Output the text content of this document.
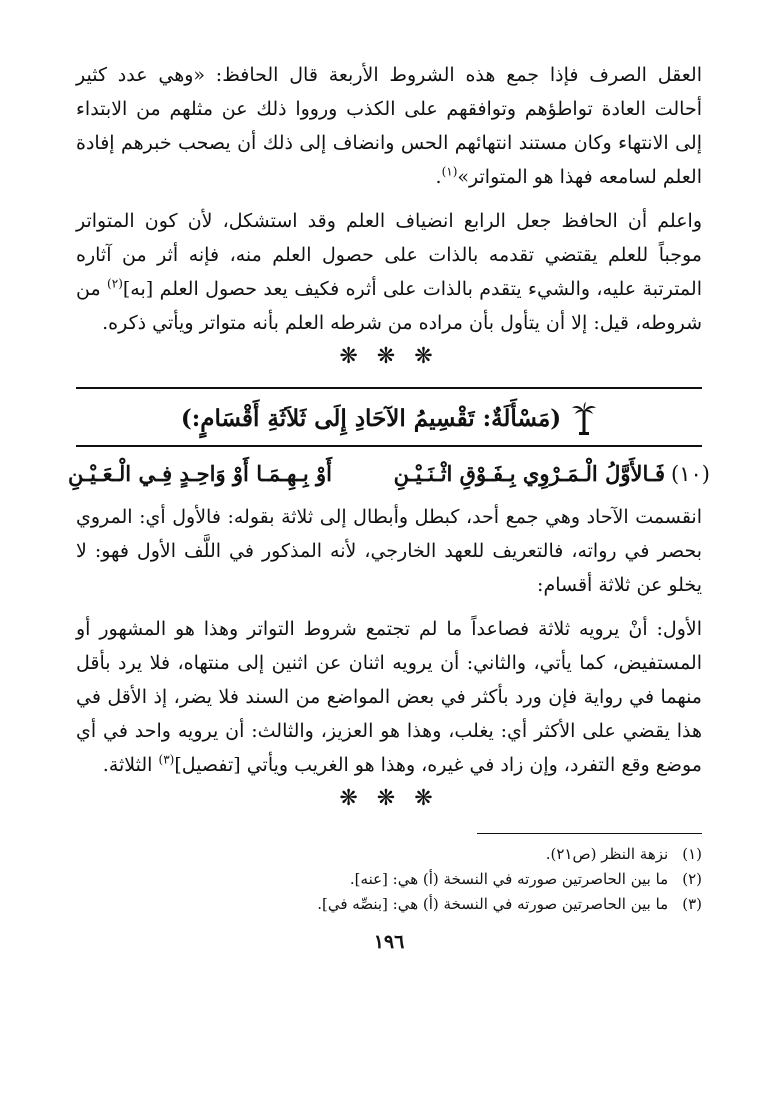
العقل الصرف فإذا جمع هذه الشروط الأربعة قال الحافظ: «وهي عدد كثير أحالت العادة تواطؤهم وتوافقهم على الكذب ورووا ذلك عن مثلهم من الابتداء إلى الانتهاء وكان مستند انتهائهم الحس وانضاف إلى ذلك أن يصحب خبرهم إفادة العلم لسامعه فهذا هو المتواتر»$^{(١)}$.

واعلم أن الحافظ جعل الرابع انضياف العلم وقد استشكل، لأن كون المتواتر موجباً للعلم يقتضي تقدمه بالذات على حصول العلم منه، فإنه أثر من آثاره المترتبة عليه، والشيء يتقدم بالذات على أثره فكيف يعد حصول العلم [به]$^{(٢)}$ من شروطه، قيل: إلا أن يتأول بأن مراده من شرطه العلم بأنه متواتر ويأتي ذكره.

❋ ❋ ❋
(مَسْأَلَةٌ: تَقْسِيمُ الآحَادِ إِلَى ثَلاَثَةِ أَقْسَامٍ:)
(١٠)
فَـالأَوَّلُ الْـمَـرْوِي بِـفَـوْقِ اثْـنَـيْـنِ
أَوْ بِـهِـمَـا أَوْ وَاحِـدٍ فِـي الْـعَـيْـنِ

انقسمت الآحاد وهي جمع أحد، كبطل وأبطال إلى ثلاثة بقوله: فالأول أي: المروي بحصر في رواته، فالتعريف للعهد الخارجي، لأنه المذكور في اللَّف الأول فهو: لا يخلو عن ثلاثة أقسام:

الأول: أنْ يرويه ثلاثة فصاعداً ما لم تجتمع شروط التواتر وهذا هو المشهور أو المستفيض، كما يأتي، والثاني: أن يرويه اثنان عن اثنين إلى منتهاه، فلا يرد بأقل منهما في رواية فإن ورد بأكثر في بعض المواضع من السند فلا يضر، إذ الأقل في هذا يقضي على الأكثر أي: يغلب، وهذا هو العزيز، والثالث: أن يرويه واحد في أي موضع وقع التفرد، وإن زاد في غيره، وهذا هو الغريب ويأتي [تفصيل]$^{(٣)}$ الثلاثة.

❋ ❋ ❋
(١)
نزهة النظر (ص٢١).
(٢)
ما بين الحاصرتين صورته في النسخة (أ) هي: [عنه].
(٣)
ما بين الحاصرتين صورته في النسخة (أ) هي: [بنصِّه في].
١٩٦
